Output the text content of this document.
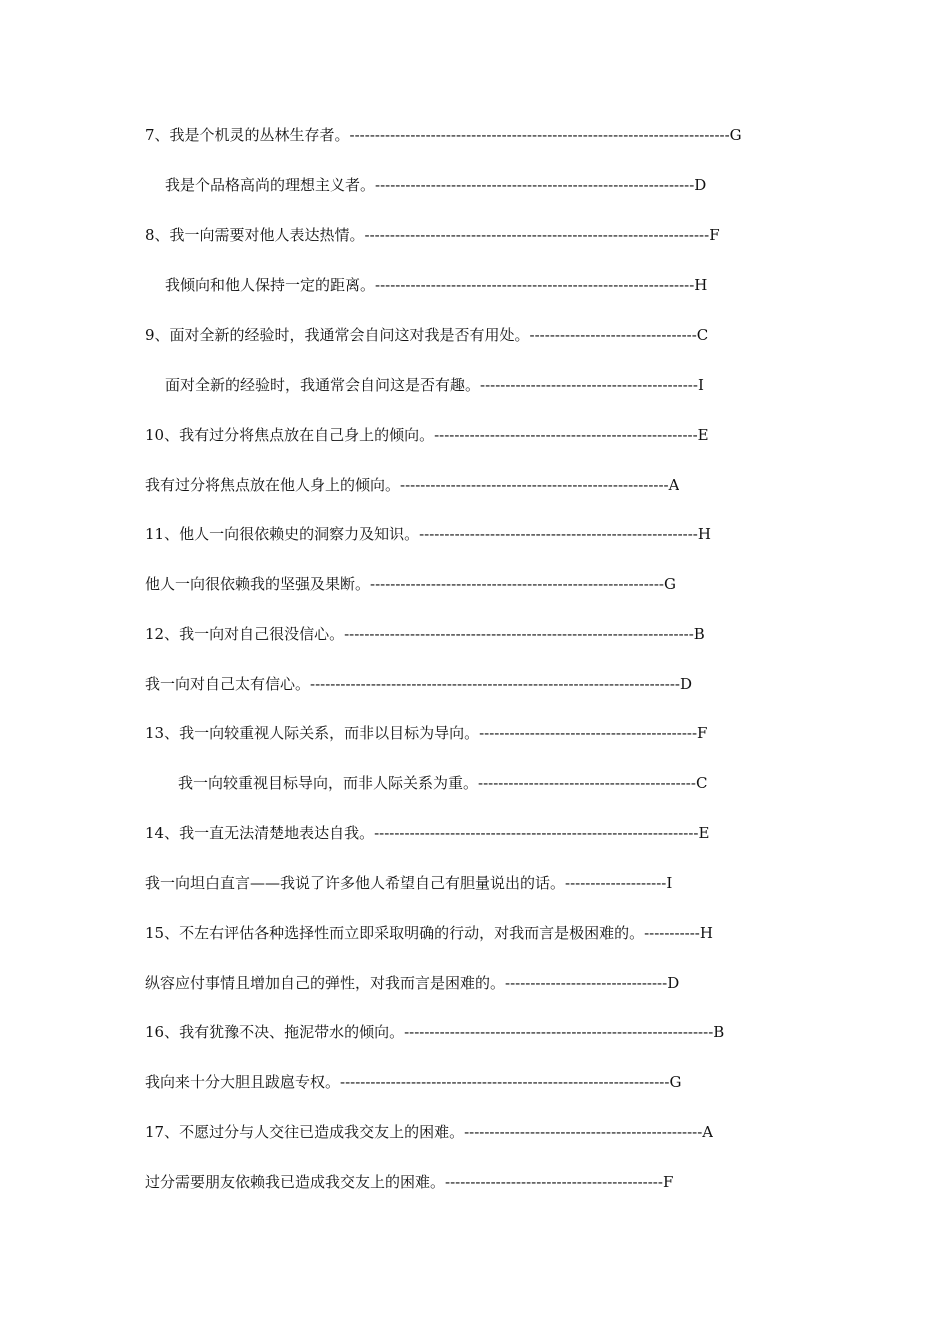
7、我是个机灵的丛林生存者。---------------------------------------------------------------------------G
我是个品格高尚的理想主义者。---------------------------------------------------------------D
8、我一向需要对他人表达热情。--------------------------------------------------------------------F
我倾向和他人保持一定的距离。---------------------------------------------------------------H
9、面对全新的经验时，我通常会自问这对我是否有用处。---------------------------------C
面对全新的经验时，我通常会自问这是否有趣。-------------------------------------------I
10、我有过分将焦点放在自己身上的倾向。----------------------------------------------------E
我有过分将焦点放在他人身上的倾向。-----------------------------------------------------A
11、他人一向很依赖史的洞察力及知识。-------------------------------------------------------H
他人一向很依赖我的坚强及果断。----------------------------------------------------------G
12、我一向对自己很没信心。---------------------------------------------------------------------B
我一向对自己太有信心。-------------------------------------------------------------------------D
13、我一向较重视人际关系，而非以目标为导向。-------------------------------------------F
我一向较重视目标导向，而非人际关系为重。-------------------------------------------C
14、我一直无法清楚地表达自我。----------------------------------------------------------------E
我一向坦白直言——我说了许多他人希望自己有胆量说出的话。--------------------I
15、不左右评估各种选择性而立即采取明确的行动，对我而言是极困难的。-----------H
纵容应付事情且增加自己的弹性，对我而言是困难的。--------------------------------D
16、我有犹豫不决、拖泥带水的倾向。-------------------------------------------------------------B
我向来十分大胆且跋扈专权。-----------------------------------------------------------------G
17、不愿过分与人交往已造成我交友上的困难。-----------------------------------------------A
过分需要朋友依赖我已造成我交友上的困难。-------------------------------------------F
